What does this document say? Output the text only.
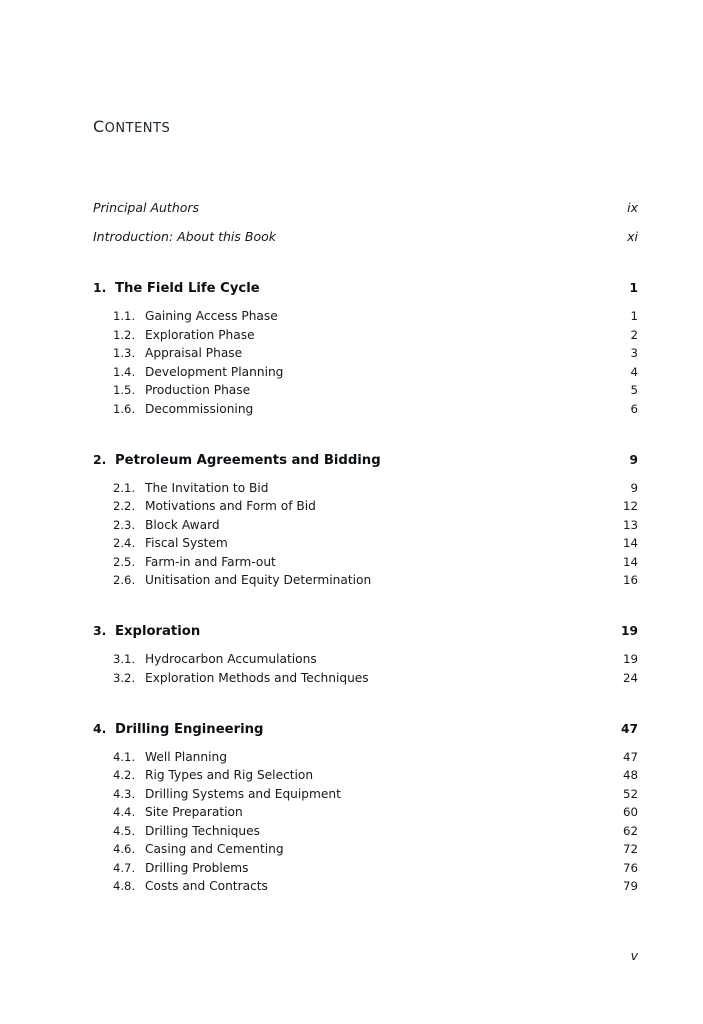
contents
Principal Authors	ix
Introduction: About this Book	xi
1. The Field Life Cycle	1
1.1. Gaining Access Phase	1
1.2. Exploration Phase	2
1.3. Appraisal Phase	3
1.4. Development Planning	4
1.5. Production Phase	5
1.6. Decommissioning	6
2. Petroleum Agreements and Bidding	9
2.1. The Invitation to Bid	9
2.2. Motivations and Form of Bid	12
2.3. Block Award	13
2.4. Fiscal System	14
2.5. Farm-in and Farm-out	14
2.6. Unitisation and Equity Determination	16
3. Exploration	19
3.1. Hydrocarbon Accumulations	19
3.2. Exploration Methods and Techniques	24
4. Drilling Engineering	47
4.1. Well Planning	47
4.2. Rig Types and Rig Selection	48
4.3. Drilling Systems and Equipment	52
4.4. Site Preparation	60
4.5. Drilling Techniques	62
4.6. Casing and Cementing	72
4.7. Drilling Problems	76
4.8. Costs and Contracts	79
v
